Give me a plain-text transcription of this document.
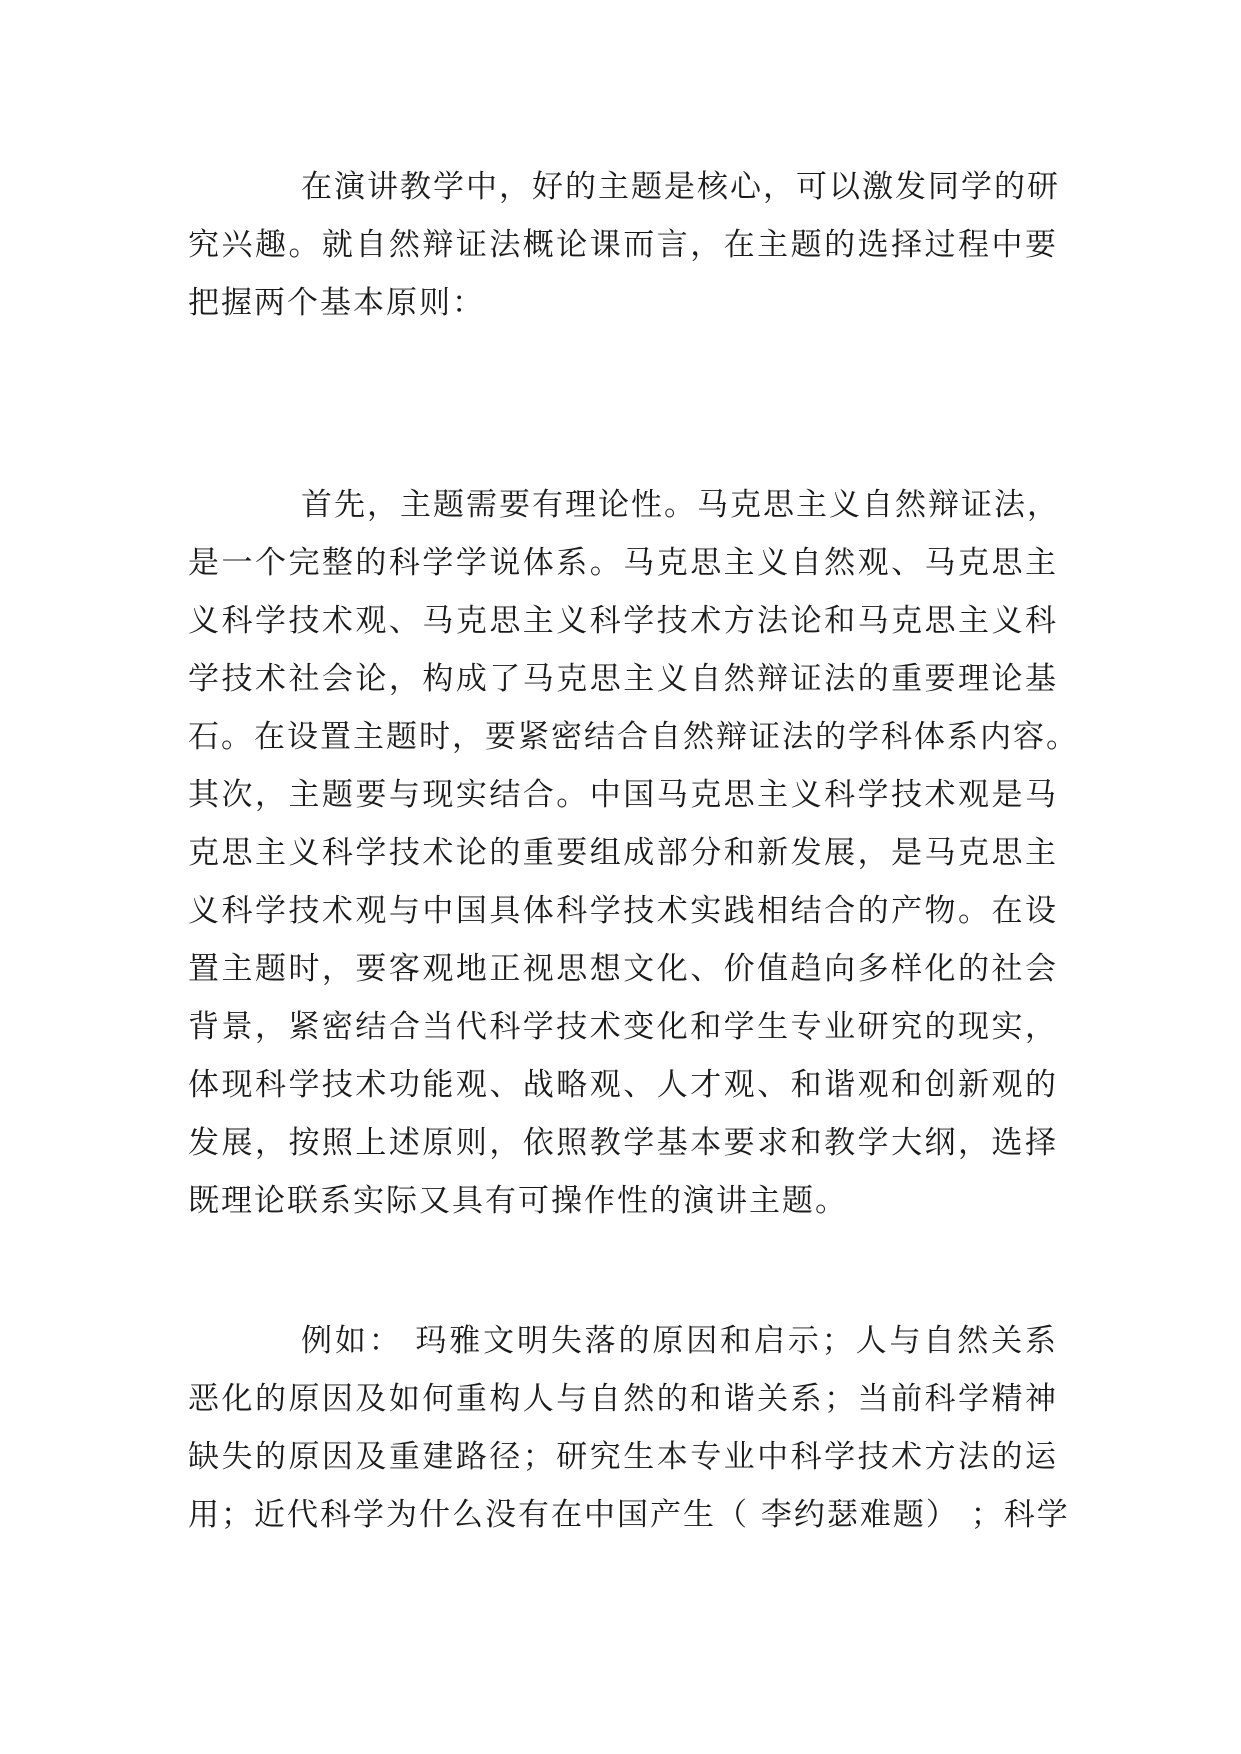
在演讲教学中，好的主题是核心，可以激发同学的研
究兴趣。就自然辩证法概论课而言，在主题的选择过程中要
把握两个基本原则：
首先，主题需要有理论性。马克思主义自然辩证法，
是一个完整的科学学说体系。马克思主义自然观、马克思主
义科学技术观、马克思主义科学技术方法论和马克思主义科
学技术社会论，构成了马克思主义自然辩证法的重要理论基
石。在设置主题时，要紧密结合自然辩证法的学科体系内容。
其次，主题要与现实结合。中国马克思主义科学技术观是马
克思主义科学技术论的重要组成部分和新发展，是马克思主
义科学技术观与中国具体科学技术实践相结合的产物。在设
置主题时，要客观地正视思想文化、价值趋向多样化的社会
背景，紧密结合当代科学技术变化和学生专业研究的现实，
体现科学技术功能观、战略观、人才观、和谐观和创新观的
发展，按照上述原则，依照教学基本要求和教学大纲，选择
既理论联系实际又具有可操作性的演讲主题。
例如： 玛雅文明失落的原因和启示；人与自然关系
恶化的原因及如何重构人与自然的和谐关系；当前科学精神
缺失的原因及重建路径；研究生本专业中科学技术方法的运
用；近代科学为什么没有在中国产生（ 李约瑟难题） ；科学
